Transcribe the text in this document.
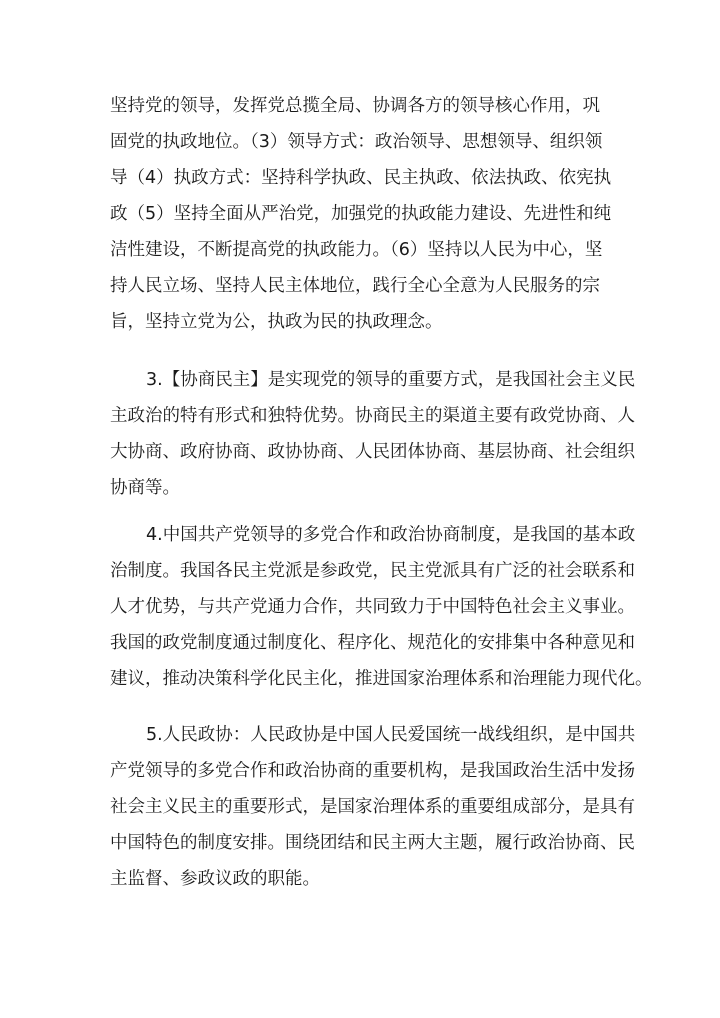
坚持党的领导，发挥党总揽全局、协调各方的领导核心作用，巩
固党的执政地位。（3）领导方式：政治领导、思想领导、组织领
导（4）执政方式：坚持科学执政、民主执政、依法执政、依宪执
政（5）坚持全面从严治党，加强党的执政能力建设、先进性和纯
洁性建设，不断提高党的执政能力。（6）坚持以人民为中心，坚
持人民立场、坚持人民主体地位，践行全心全意为人民服务的宗
旨，坚持立党为公，执政为民的执政理念。
3.【协商民主】是实现党的领导的重要方式，是我国社会主义民
主政治的特有形式和独特优势。协商民主的渠道主要有政党协商、人
大协商、政府协商、政协协商、人民团体协商、基层协商、社会组织
协商等。
4.中国共产党领导的多党合作和政治协商制度，是我国的基本政
治制度。我国各民主党派是参政党，民主党派具有广泛的社会联系和
人才优势，与共产党通力合作，共同致力于中国特色社会主义事业。
我国的政党制度通过制度化、程序化、规范化的安排集中各种意见和
建议，推动决策科学化民主化，推进国家治理体系和治理能力现代化。
5.人民政协：人民政协是中国人民爱国统一战线组织，是中国共
产党领导的多党合作和政治协商的重要机构，是我国政治生活中发扬
社会主义民主的重要形式，是国家治理体系的重要组成部分，是具有
中国特色的制度安排。围绕团结和民主两大主题，履行政治协商、民
主监督、参政议政的职能。
